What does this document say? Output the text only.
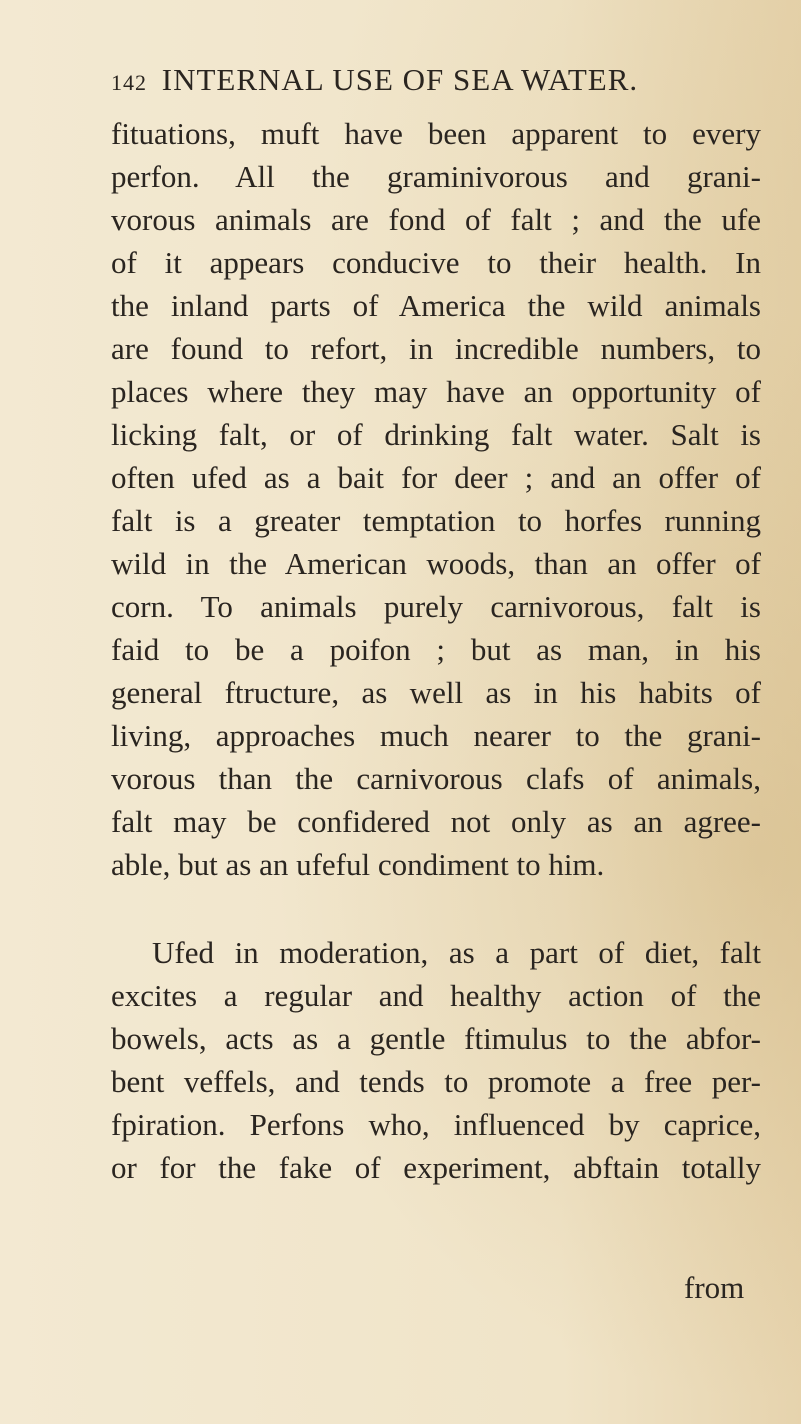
142 INTERNAL USE OF SEA WATER.
fituations, muft have been apparent to every
perfon. All the graminivorous and grani-
vorous animals are fond of falt ; and the ufe
of it appears conducive to their health. In
the inland parts of America the wild animals
are found to refort, in incredible numbers, to
places where they may have an opportunity of
licking falt, or of drinking falt water. Salt is
often ufed as a bait for deer ; and an offer of
falt is a greater temptation to horfes running
wild in the American woods, than an offer of
corn. To animals purely carnivorous, falt is
faid to be a poifon ; but as man, in his
general ftructure, as well as in his habits of
living, approaches much nearer to the grani-
vorous than the carnivorous clafs of animals,
falt may be confidered not only as an agree-
able, but as an ufeful condiment to him.
Ufed in moderation, as a part of diet, falt
excites a regular and healthy action of the
bowels, acts as a gentle ftimulus to the abfor-
bent veffels, and tends to promote a free per-
fpiration. Perfons who, influenced by caprice,
or for the fake of experiment, abftain totally
from
